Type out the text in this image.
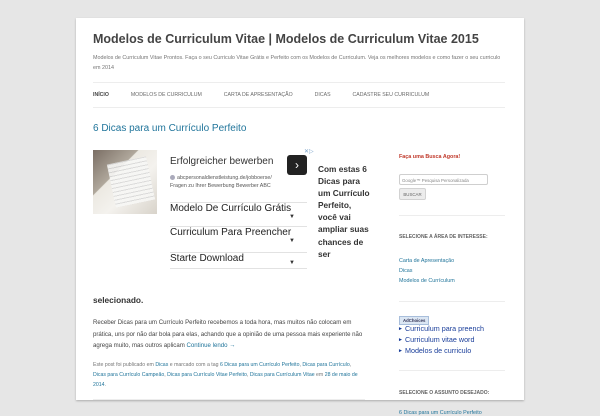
Modelos de Curriculum Vitae | Modelos de Curriculum Vitae 2015

Modelos de Curriculum Vitae Prontos. Faça o seu Curriculo Vitae Grátis e Perfeito com os Modelos de Curriculum. Veja os melhores modelos e como fazer o seu curriculo em 2014

INÍCIO	MODELOS DE CURRICULUM	CARTA DE APRESENTAÇÃO	DICAS	CADASTRE SEU CURRICULUM
6 Dicas para um Currículo Perfeito
✕▷
Erfolgreicher bewerben	›
abcpersonaldienstleistung.de/jobboerse/
Fragen zu Ihrer Bewerbung Bewerber ABC
Modelo De Currículo Grátis
▼
Curriculum Para Preencher
▼
Starte Download	▼

Com estas 6 Dicas para um Currículo Perfeito, você vai ampliar suas chances de ser

selecionado.

Receber Dicas para um Currículo Perfeito recebemos a toda hora, mas muitos não colocam em prática, uns por não dar bola para elas, achando que a opinião de uma pessoa mais experiente não agrega muito, mas outros aplicam Continue lendo →

Este post foi publicado em Dicas e marcado com a tag 6 Dicas para um Currículo Perfeito, Dicas para Currículo, Dicas para Currículo Campeão, Dicas para Currículo Vitae Perfeito, Dicas para Currículum Vitae em 28 de maio de 2014.

Faça uma Busca Agora!
Google™ Pesquisa Personalizada
BUSCAR
SELECIONE A ÁREA DE INTERESSE:
Carta de Apresentação
Dicas
Modelos de Currículum
AdChoices
► Curriculum para preench
► Curriculum vitae word
► Modelos de curriculo
SELECIONE O ASSUNTO DESEJADO:

6 Dicas para um Currículo Perfeito
